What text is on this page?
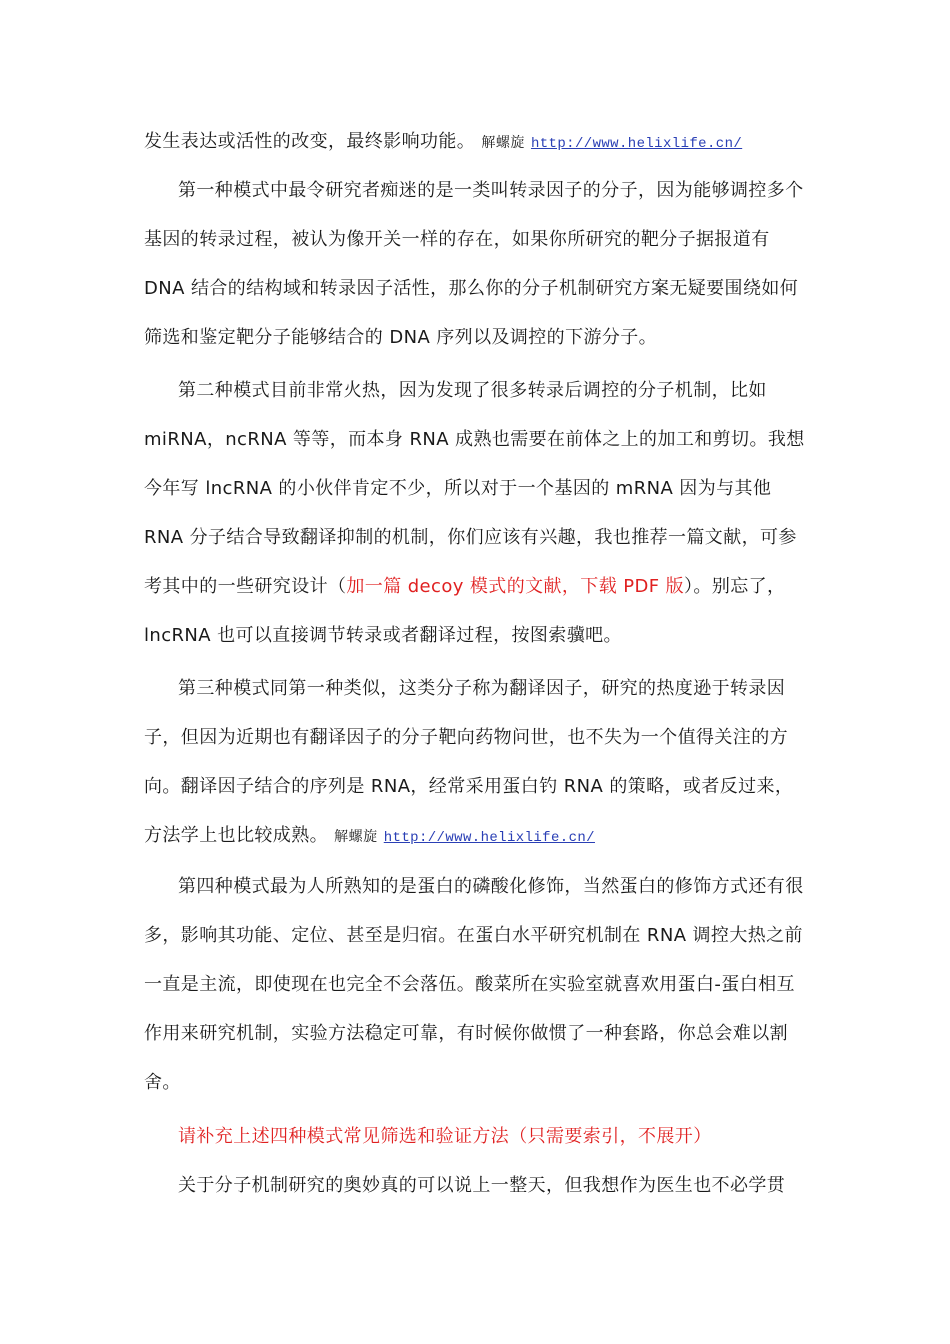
发生表达或活性的改变，最终影响功能。 解螺旋 http://www.helixlife.cn/

第一种模式中最令研究者痴迷的是一类叫转录因子的分子，因为能够调控多个基因的转录过程，被认为像开关一样的存在，如果你所研究的靶分子据报道有 DNA 结合的结构域和转录因子活性，那么你的分子机制研究方案无疑要围绕如何筛选和鉴定靶分子能够结合的 DNA 序列以及调控的下游分子。

第二种模式目前非常火热，因为发现了很多转录后调控的分子机制，比如 miRNA，ncRNA 等等，而本身 RNA 成熟也需要在前体之上的加工和剪切。我想今年写 lncRNA 的小伙伴肯定不少，所以对于一个基因的 mRNA 因为与其他 RNA 分子结合导致翻译抑制的机制，你们应该有兴趣，我也推荐一篇文献，可参考其中的一些研究设计（加一篇 decoy 模式的文献，下载 PDF 版）。别忘了，lncRNA 也可以直接调节转录或者翻译过程，按图索骥吧。

第三种模式同第一种类似，这类分子称为翻译因子，研究的热度逊于转录因子，但因为近期也有翻译因子的分子靶向药物问世，也不失为一个值得关注的方向。翻译因子结合的序列是 RNA，经常采用蛋白钓 RNA 的策略，或者反过来，方法学上也比较成熟。 解螺旋 http://www.helixlife.cn/

第四种模式最为人所熟知的是蛋白的磷酸化修饰，当然蛋白的修饰方式还有很多，影响其功能、定位、甚至是归宿。在蛋白水平研究机制在 RNA 调控大热之前一直是主流，即使现在也完全不会落伍。酸菜所在实验室就喜欢用蛋白-蛋白相互作用来研究机制，实验方法稳定可靠，有时候你做惯了一种套路，你总会难以割舍。

请补充上述四种模式常见筛选和验证方法（只需要索引，不展开）

关于分子机制研究的奥妙真的可以说上一整天，但我想作为医生也不必学贯
